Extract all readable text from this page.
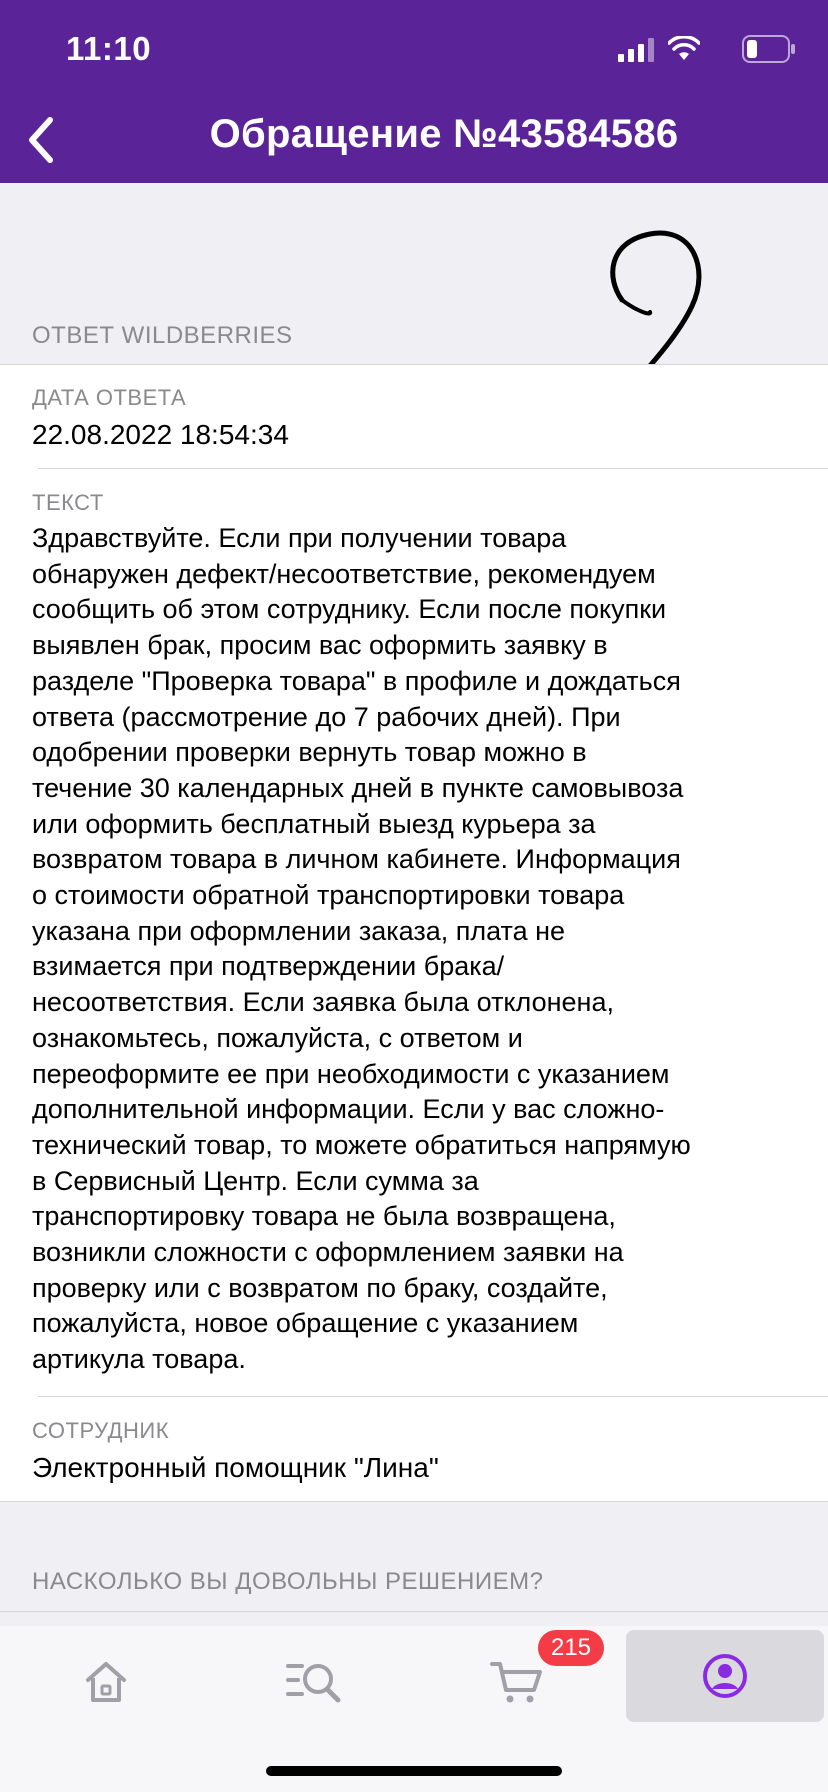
11:10
Обращение №43584586
ОТВЕТ WILDBERRIES
ДАТА ОТВЕТА
22.08.2022 18:54:34
ТЕКСТ
Здравствуйте. Если при получении товара
обнаружен дефект/несоответствие, рекомендуем
сообщить об этом сотруднику. Если после покупки
выявлен брак, просим вас оформить заявку в
разделе "Проверка товара" в профиле и дождаться
ответа (рассмотрение до 7 рабочих дней). При
одобрении проверки вернуть товар можно в
течение 30 календарных дней в пункте самовывоза
или оформить бесплатный выезд курьера за
возвратом товара в личном кабинете. Информация
о стоимости обратной транспортировки товара
указана при оформлении заказа, плата не
взимается при подтверждении брака/
несоответствия. Если заявка была отклонена,
ознакомьтесь, пожалуйста, с ответом и
переоформите ее при необходимости с указанием
дополнительной информации. Если у вас сложно-
технический товар, то можете обратиться напрямую
в Сервисный Центр. Если сумма за
транспортировку товара не была возвращена,
возникли сложности с оформлением заявки на
проверку или с возвратом по браку, создайте,
пожалуйста, новое обращение с указанием
артикула товара.
СОТРУДНИК
Электронный помощник "Лина"
НАСКОЛЬКО ВЫ ДОВОЛЬНЫ РЕШЕНИЕМ?
215
